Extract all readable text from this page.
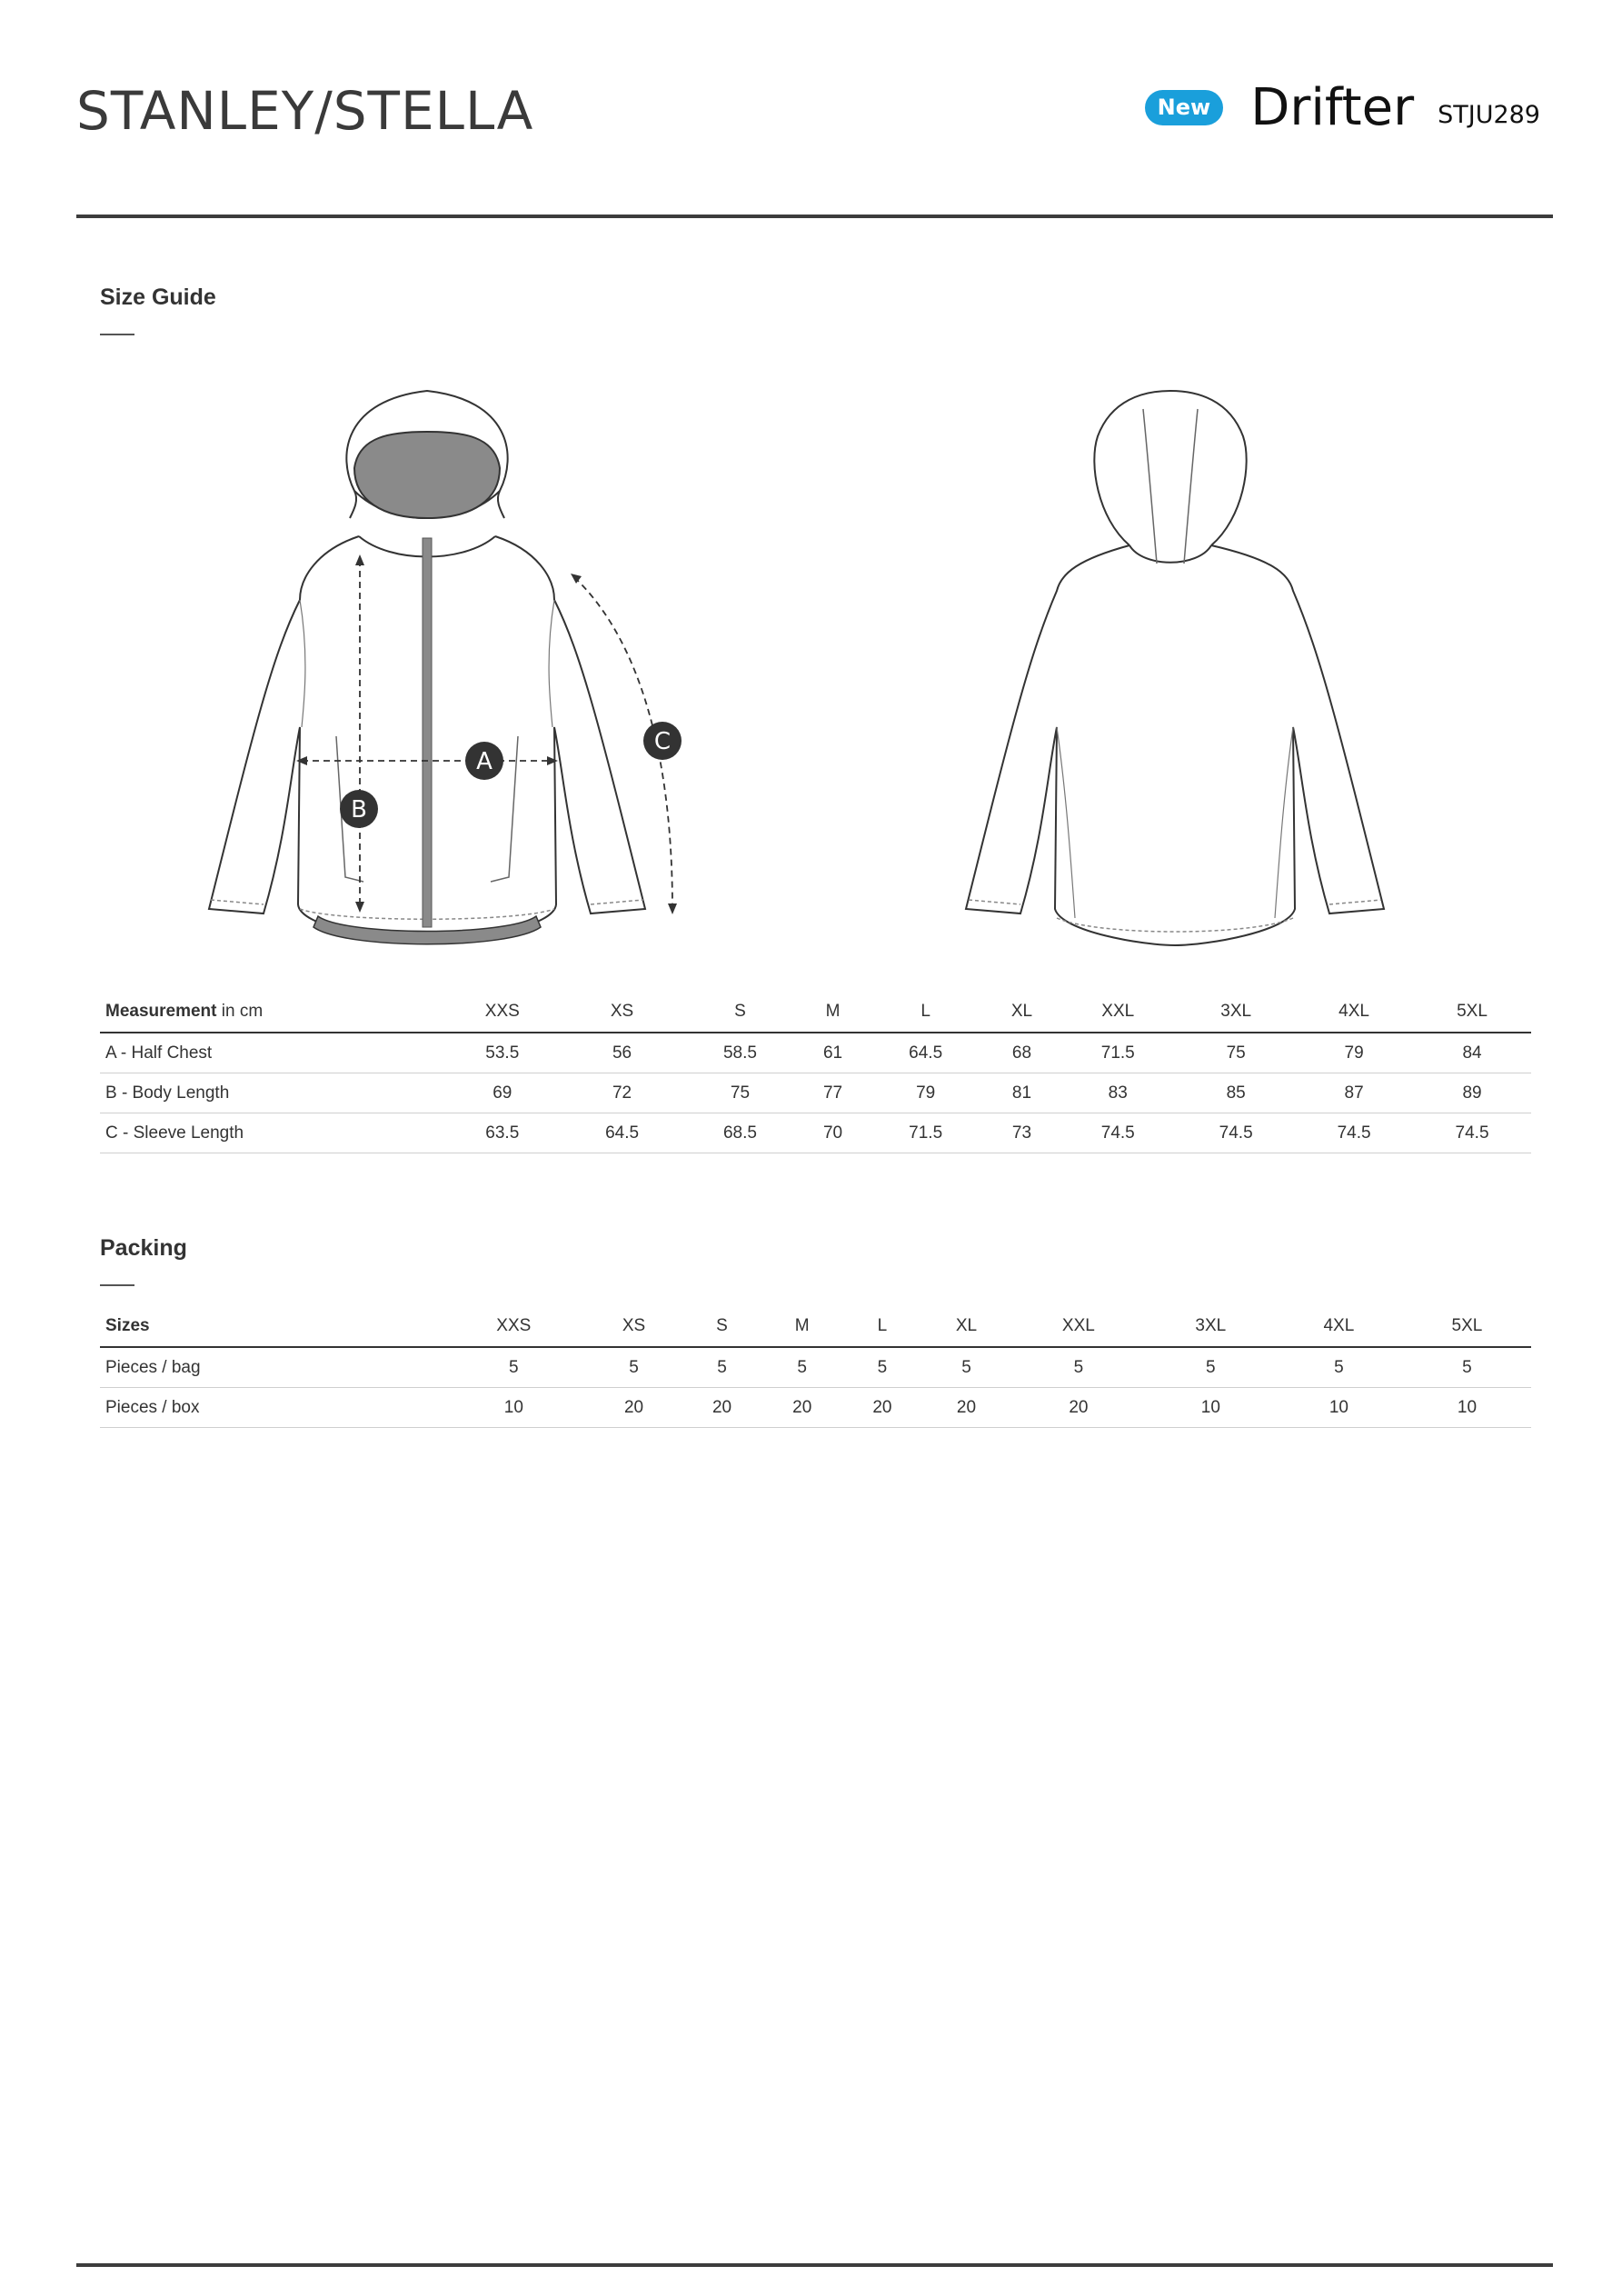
STANLEY/STELLA	New Drifter STJU289
Size Guide
A
B
C
Measurement in cm	XXS	XS	S	M	L	XL	XXL	3XL	4XL	5XL
A - Half Chest	53.5	56	58.5	61	64.5	68	71.5	75	79	84
B - Body Length	69	72	75	77	79	81	83	85	87	89
C - Sleeve Length	63.5	64.5	68.5	70	71.5	73	74.5	74.5	74.5	74.5
Packing
Sizes	XXS	XS	S	M	L	XL	XXL	3XL	4XL	5XL
Pieces / bag	5	5	5	5	5	5	5	5	5	5
Pieces / box	10	20	20	20	20	20	20	10	10	10
